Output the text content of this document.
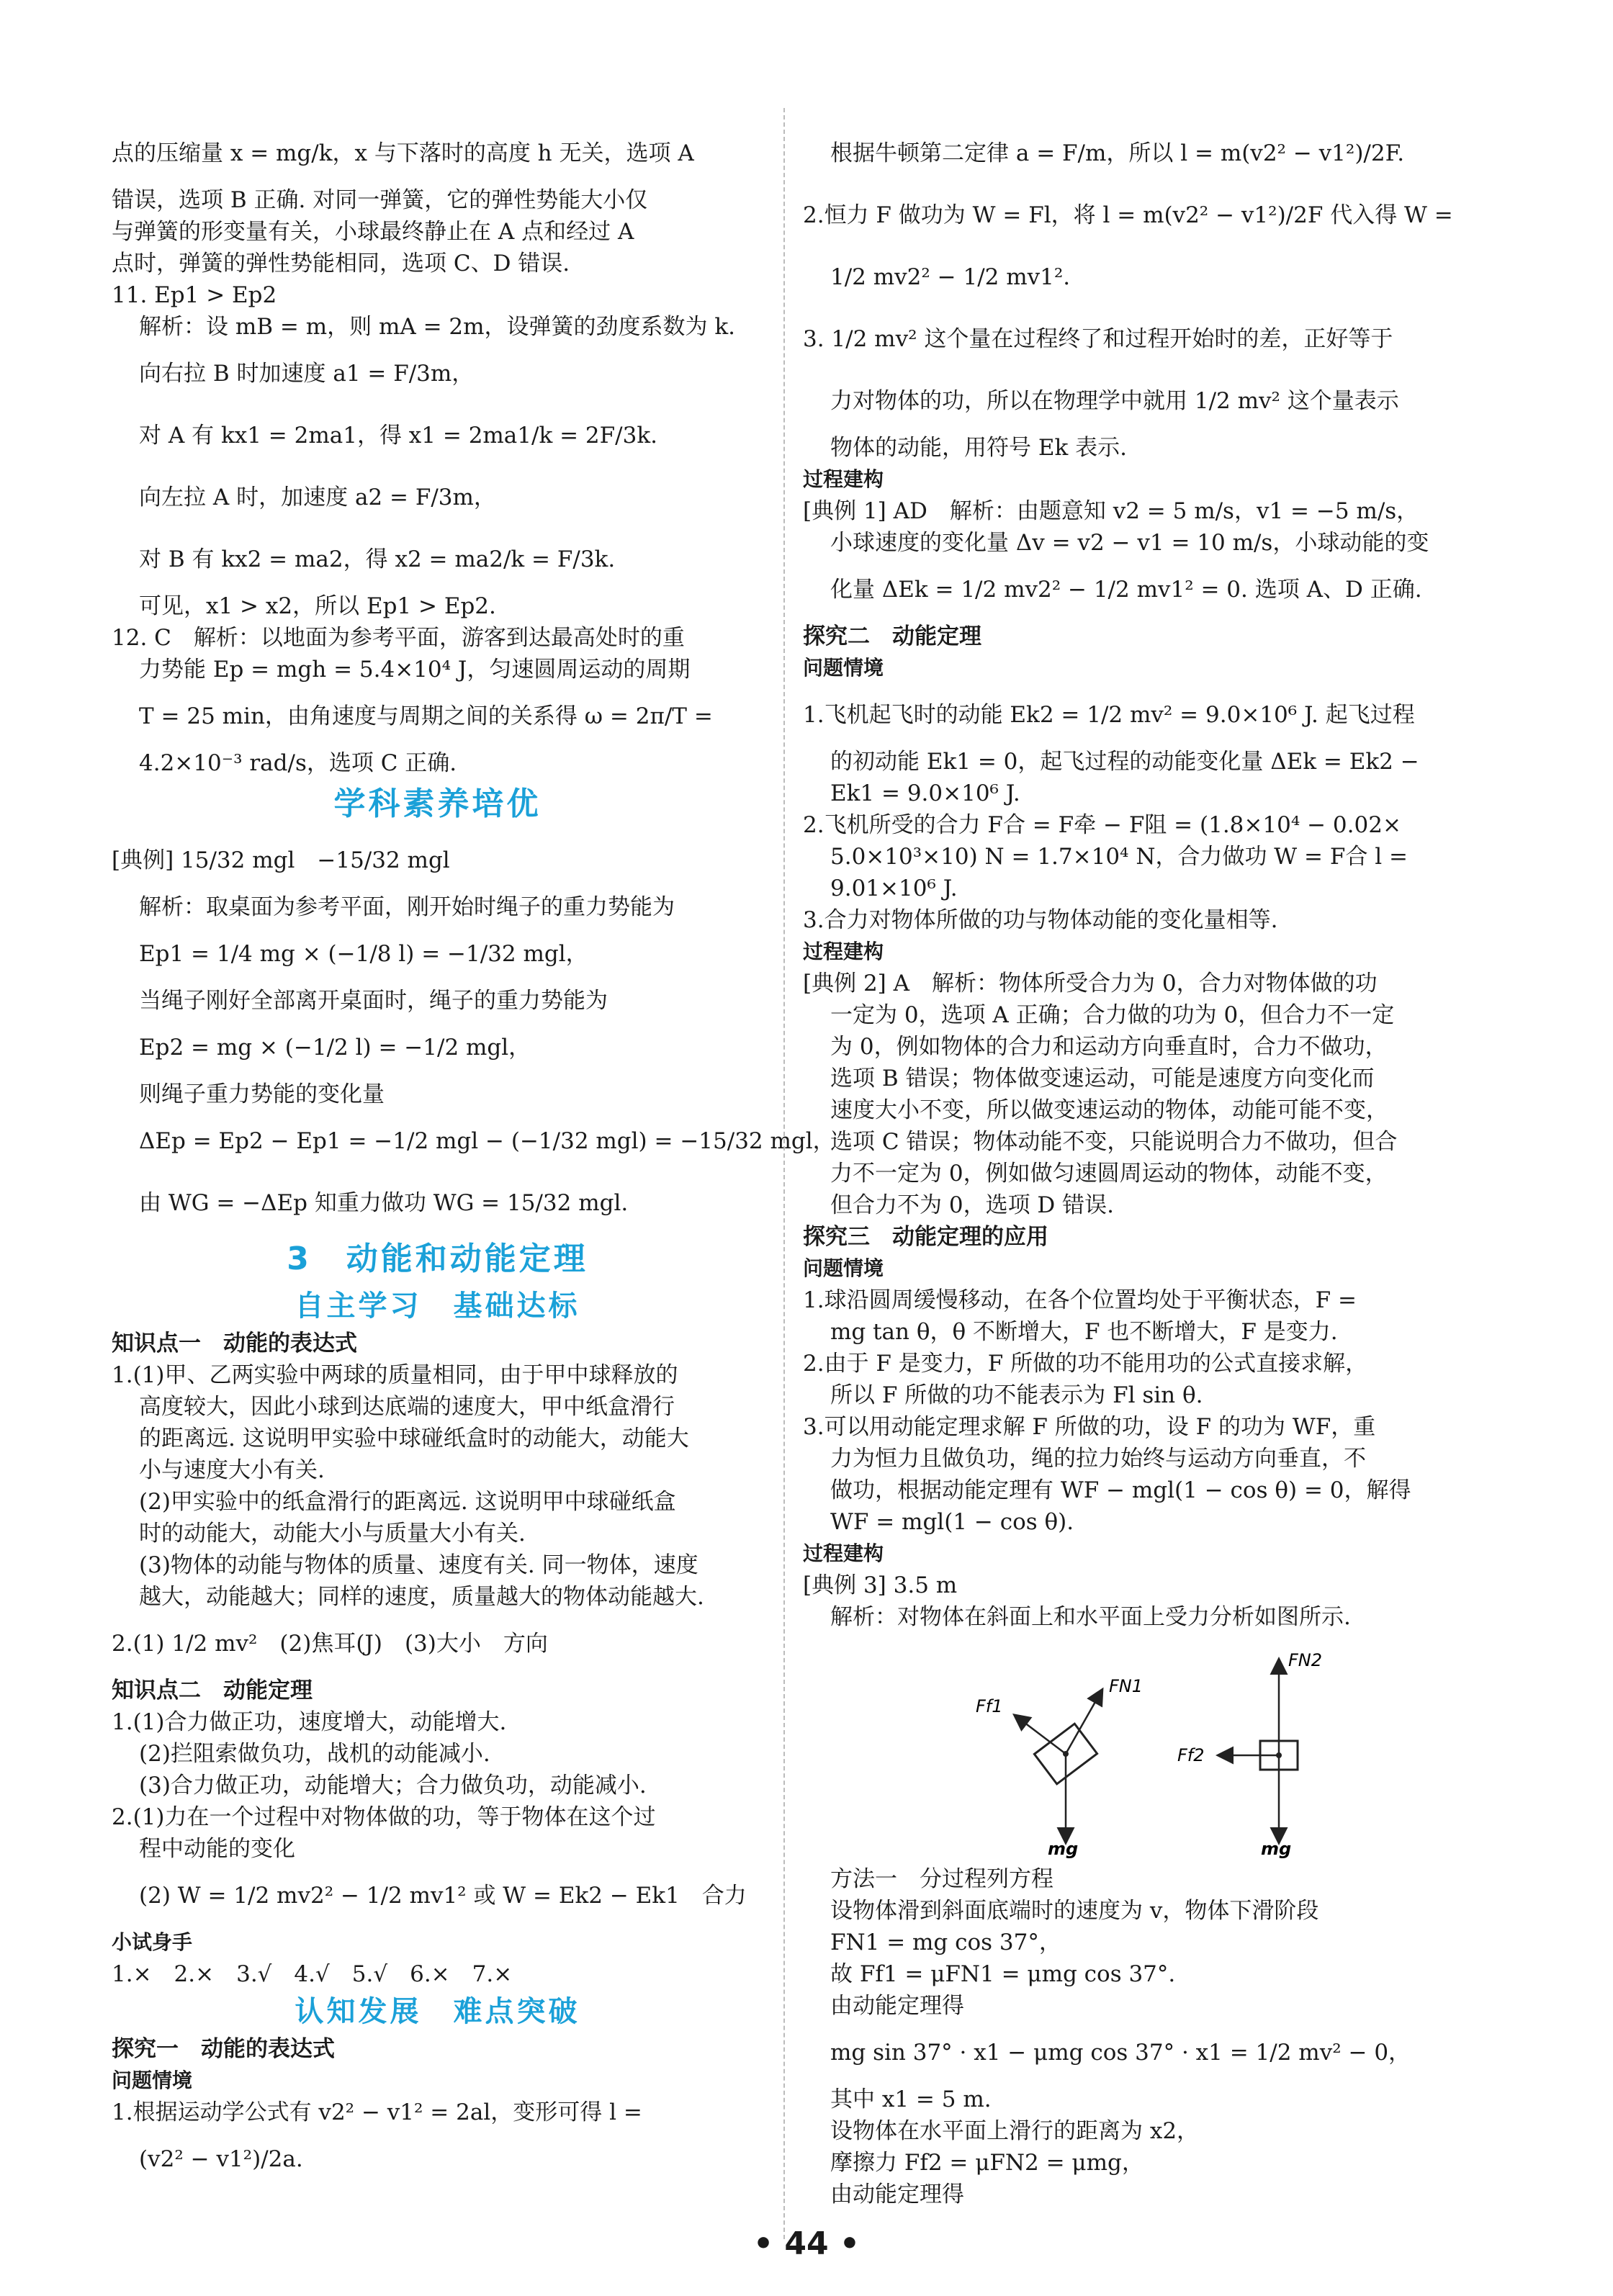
点的压缩量 x = mg/k，x 与下落时的高度 h 无关，选项 A

错误，选项 B 正确. 对同一弹簧，它的弹性势能大小仅

与弹簧的形变量有关，小球最终静止在 A 点和经过 A

点时，弹簧的弹性势能相同，选项 C、D 错误.

11. Ep1 > Ep2

解析：设 mB = m，则 mA = 2m，设弹簧的劲度系数为 k.

向右拉 B 时加速度 a1 = F/3m，

对 A 有 kx1 = 2ma1，得 x1 = 2ma1/k = 2F/3k.

向左拉 A 时，加速度 a2 = F/3m，

对 B 有 kx2 = ma2，得 x2 = ma2/k = F/3k.

可见，x1 > x2，所以 Ep1 > Ep2.

12. C　解析：以地面为参考平面，游客到达最高处时的重

力势能 Ep = mgh = 5.4×10⁴ J，匀速圆周运动的周期

T = 25 min，由角速度与周期之间的关系得 ω = 2π/T =

4.2×10⁻³ rad/s，选项 C 正确.

学科素养培优

[典例] 15/32 mgl　−15/32 mgl

解析：取桌面为参考平面，刚开始时绳子的重力势能为

Ep1 = 1/4 mg × (−1/8 l) = −1/32 mgl，

当绳子刚好全部离开桌面时，绳子的重力势能为

Ep2 = mg × (−1/2 l) = −1/2 mgl，

则绳子重力势能的变化量

ΔEp = Ep2 − Ep1 = −1/2 mgl − (−1/32 mgl) = −15/32 mgl，

由 WG = −ΔEp 知重力做功 WG = 15/32 mgl.

3　动能和动能定理

自主学习　基础达标

知识点一　动能的表达式

1.(1)甲、乙两实验中两球的质量相同，由于甲中球释放的

高度较大，因此小球到达底端的速度大，甲中纸盒滑行

的距离远. 这说明甲实验中球碰纸盒时的动能大，动能大

小与速度大小有关.

(2)甲实验中的纸盒滑行的距离远. 这说明甲中球碰纸盒

时的动能大，动能大小与质量大小有关.

(3)物体的动能与物体的质量、速度有关. 同一物体，速度

越大，动能越大；同样的速度，质量越大的物体动能越大.

2.(1) 1/2 mv²　(2)焦耳(J)　(3)大小　方向

知识点二　动能定理

1.(1)合力做正功，速度增大，动能增大.

(2)拦阻索做负功，战机的动能减小.

(3)合力做正功，动能增大；合力做负功，动能减小.

2.(1)力在一个过程中对物体做的功，等于物体在这个过

程中动能的变化

(2) W = 1/2 mv2² − 1/2 mv1² 或 W = Ek2 − Ek1　合力

小试身手

1.×　2.×　3.√　4.√　5.√　6.×　7.×

认知发展　难点突破

探究一　动能的表达式

问题情境

1.根据运动学公式有 v2² − v1² = 2al，变形可得 l =

(v2² − v1²)/2a.

根据牛顿第二定律 a = F/m，所以 l = m(v2² − v1²)/2F.

2.恒力 F 做功为 W = Fl，将 l = m(v2² − v1²)/2F 代入得 W =

1/2 mv2² − 1/2 mv1².

3. 1/2 mv² 这个量在过程终了和过程开始时的差，正好等于

力对物体的功，所以在物理学中就用 1/2 mv² 这个量表示

物体的动能，用符号 Ek 表示.

过程建构

[典例 1] AD　解析：由题意知 v2 = 5 m/s，v1 = −5 m/s，

小球速度的变化量 Δv = v2 − v1 = 10 m/s，小球动能的变

化量 ΔEk = 1/2 mv2² − 1/2 mv1² = 0. 选项 A、D 正确.

探究二　动能定理

问题情境

1.飞机起飞时的动能 Ek2 = 1/2 mv² = 9.0×10⁶ J. 起飞过程

的初动能 Ek1 = 0，起飞过程的动能变化量 ΔEk = Ek2 −

Ek1 = 9.0×10⁶ J.

2.飞机所受的合力 F合 = F牵 − F阻 = (1.8×10⁴ − 0.02×

5.0×10³×10) N = 1.7×10⁴ N，合力做功 W = F合 l =

9.01×10⁶ J.

3.合力对物体所做的功与物体动能的变化量相等.

过程建构

[典例 2] A　解析：物体所受合力为 0，合力对物体做的功

一定为 0，选项 A 正确；合力做的功为 0，但合力不一定

为 0，例如物体的合力和运动方向垂直时，合力不做功，

选项 B 错误；物体做变速运动，可能是速度方向变化而

速度大小不变，所以做变速运动的物体，动能可能不变，

选项 C 错误；物体动能不变，只能说明合力不做功，但合

力不一定为 0，例如做匀速圆周运动的物体，动能不变，

但合力不为 0，选项 D 错误.

探究三　动能定理的应用

问题情境

1.球沿圆周缓慢移动，在各个位置均处于平衡状态，F =

mg tan θ，θ 不断增大，F 也不断增大，F 是变力.

2.由于 F 是变力，F 所做的功不能用功的公式直接求解，

所以 F 所做的功不能表示为 Fl sin θ.

3.可以用动能定理求解 F 所做的功，设 F 的功为 WF，重

力为恒力且做负功，绳的拉力始终与运动方向垂直，不

做功，根据动能定理有 WF − mgl(1 − cos θ) = 0，解得

WF = mgl(1 − cos θ).

过程建构

[典例 3] 3.5 m

解析：对物体在斜面上和水平面上受力分析如图所示.

FN1
Ff1
mg
FN2
Ff2
mg

方法一　分过程列方程

设物体滑到斜面底端时的速度为 v，物体下滑阶段

FN1 = mg cos 37°，

故 Ff1 = μFN1 = μmg cos 37°.

由动能定理得

mg sin 37° · x1 − μmg cos 37° · x1 = 1/2 mv² − 0，

其中 x1 = 5 m.

设物体在水平面上滑行的距离为 x2，

摩擦力 Ff2 = μFN2 = μmg，

由动能定理得

• 44 •
